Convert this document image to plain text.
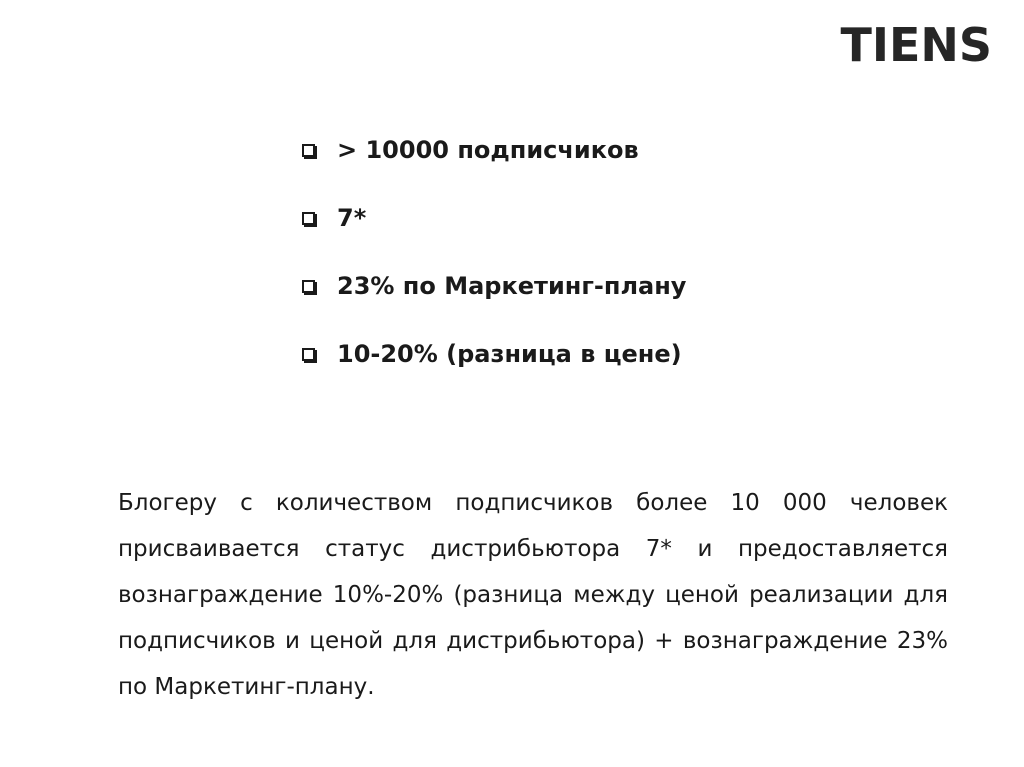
TIENS
> 10000 подписчиков
7*
23% по Маркетинг-плану
10-20% (разница в цене)

Блогеру с количеством подписчиков более 10 000 человек присваивается статус дистрибьютора 7* и предоставляется вознаграждение 10%-20% (разница между ценой реализации для подписчиков и ценой для дистрибьютора) + вознаграждение 23% по Маркетинг-плану.
